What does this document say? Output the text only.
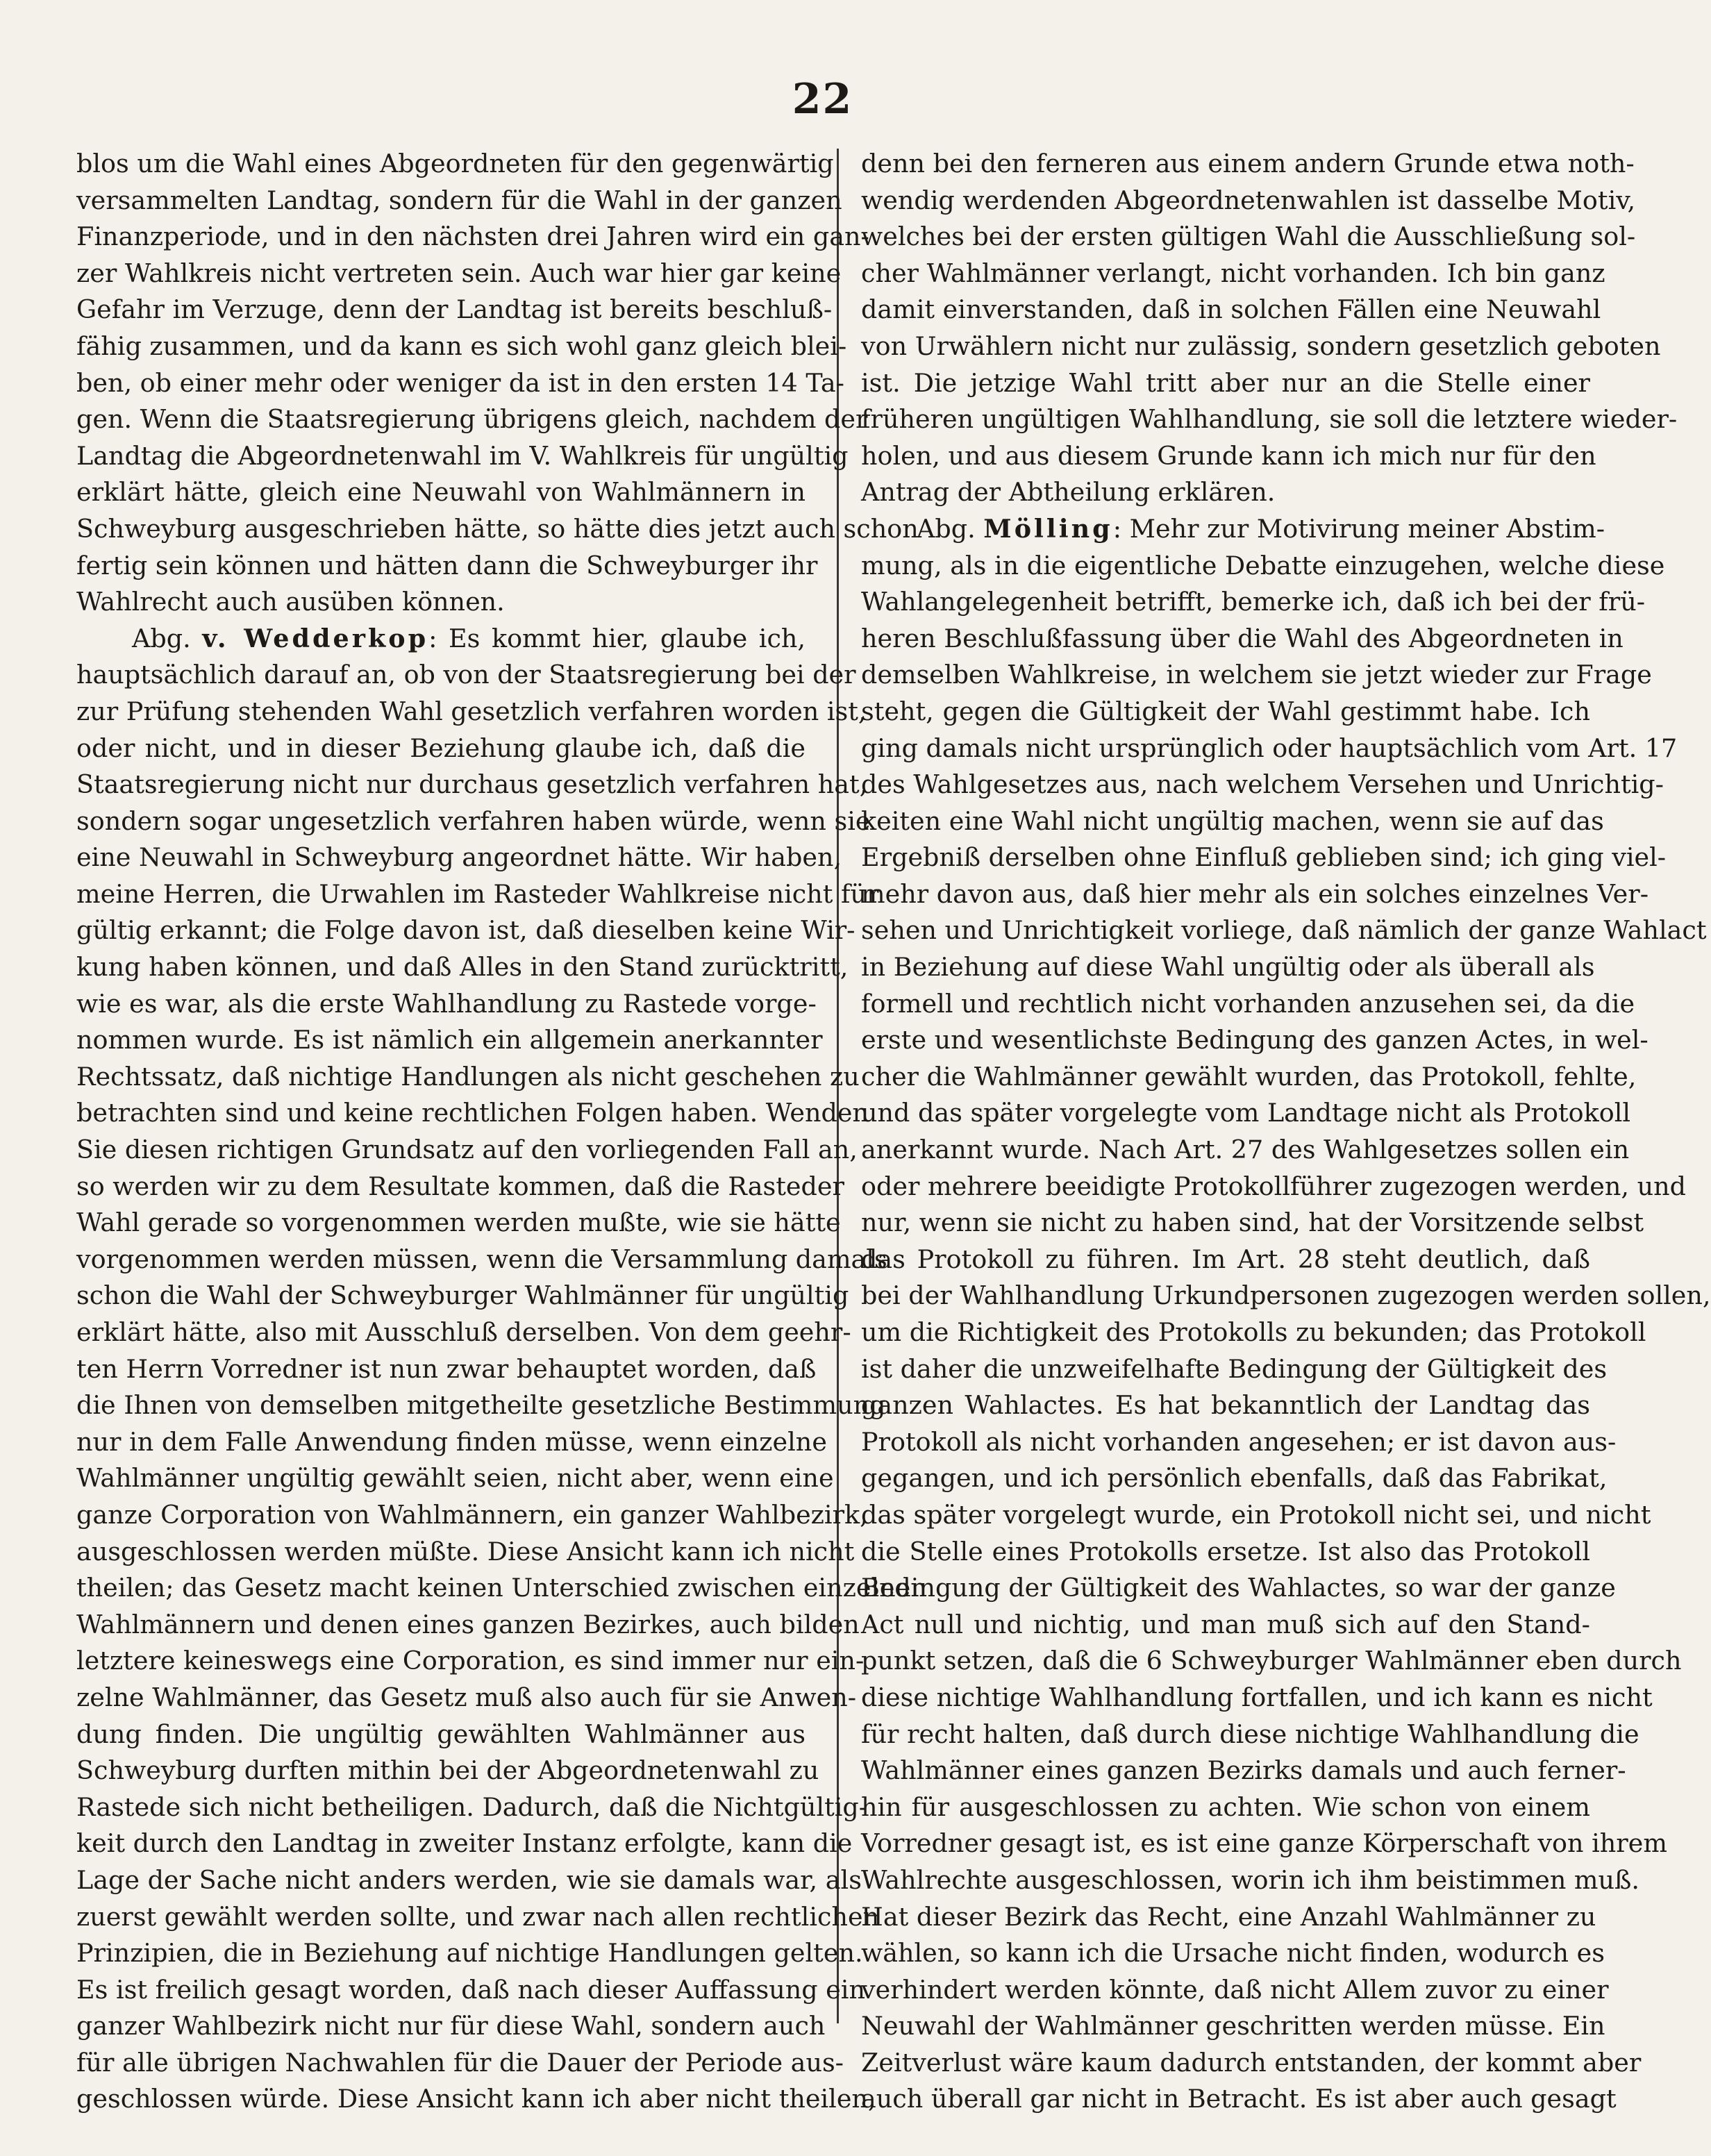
22
blos um die Wahl eines Abgeordneten für den gegenwärtig
versammelten Landtag, sondern für die Wahl in der ganzen
Finanzperiode, und in den nächsten drei Jahren wird ein gan-
zer Wahlkreis nicht vertreten sein. Auch war hier gar keine
Gefahr im Verzuge, denn der Landtag ist bereits beschluß-
fähig zusammen, und da kann es sich wohl ganz gleich blei-
ben, ob einer mehr oder weniger da ist in den ersten 14 Ta-
gen. Wenn die Staatsregierung übrigens gleich, nachdem der
Landtag die Abgeordnetenwahl im V. Wahlkreis für ungültig
erklärt hätte, gleich eine Neuwahl von Wahlmännern in
Schweyburg ausgeschrieben hätte, so hätte dies jetzt auch schon
fertig sein können und hätten dann die Schweyburger ihr
Wahlrecht auch ausüben können.
Abg. v. Wedderkop: Es kommt hier, glaube ich,
hauptsächlich darauf an, ob von der Staatsregierung bei der
zur Prüfung stehenden Wahl gesetzlich verfahren worden ist,
oder nicht, und in dieser Beziehung glaube ich, daß die
Staatsregierung nicht nur durchaus gesetzlich verfahren hat,
sondern sogar ungesetzlich verfahren haben würde, wenn sie
eine Neuwahl in Schweyburg angeordnet hätte. Wir haben,
meine Herren, die Urwahlen im Rasteder Wahlkreise nicht für
gültig erkannt; die Folge davon ist, daß dieselben keine Wir-
kung haben können, und daß Alles in den Stand zurücktritt,
wie es war, als die erste Wahlhandlung zu Rastede vorge-
nommen wurde. Es ist nämlich ein allgemein anerkannter
Rechtssatz, daß nichtige Handlungen als nicht geschehen zu
betrachten sind und keine rechtlichen Folgen haben. Wenden
Sie diesen richtigen Grundsatz auf den vorliegenden Fall an,
so werden wir zu dem Resultate kommen, daß die Rasteder
Wahl gerade so vorgenommen werden mußte, wie sie hätte
vorgenommen werden müssen, wenn die Versammlung damals
schon die Wahl der Schweyburger Wahlmänner für ungültig
erklärt hätte, also mit Ausschluß derselben. Von dem geehr-
ten Herrn Vorredner ist nun zwar behauptet worden, daß
die Ihnen von demselben mitgetheilte gesetzliche Bestimmung
nur in dem Falle Anwendung finden müsse, wenn einzelne
Wahlmänner ungültig gewählt seien, nicht aber, wenn eine
ganze Corporation von Wahlmännern, ein ganzer Wahlbezirk,
ausgeschlossen werden müßte. Diese Ansicht kann ich nicht
theilen; das Gesetz macht keinen Unterschied zwischen einzelnen
Wahlmännern und denen eines ganzen Bezirkes, auch bilden
letztere keineswegs eine Corporation, es sind immer nur ein-
zelne Wahlmänner, das Gesetz muß also auch für sie Anwen-
dung finden. Die ungültig gewählten Wahlmänner aus
Schweyburg durften mithin bei der Abgeordnetenwahl zu
Rastede sich nicht betheiligen. Dadurch, daß die Nichtgültig-
keit durch den Landtag in zweiter Instanz erfolgte, kann die
Lage der Sache nicht anders werden, wie sie damals war, als
zuerst gewählt werden sollte, und zwar nach allen rechtlichen
Prinzipien, die in Beziehung auf nichtige Handlungen gelten.
Es ist freilich gesagt worden, daß nach dieser Auffassung ein
ganzer Wahlbezirk nicht nur für diese Wahl, sondern auch
für alle übrigen Nachwahlen für die Dauer der Periode aus-
geschlossen würde. Diese Ansicht kann ich aber nicht theilen,
denn bei den ferneren aus einem andern Grunde etwa noth-
wendig werdenden Abgeordnetenwahlen ist dasselbe Motiv,
welches bei der ersten gültigen Wahl die Ausschließung sol-
cher Wahlmänner verlangt, nicht vorhanden. Ich bin ganz
damit einverstanden, daß in solchen Fällen eine Neuwahl
von Urwählern nicht nur zulässig, sondern gesetzlich geboten
ist. Die jetzige Wahl tritt aber nur an die Stelle einer
früheren ungültigen Wahlhandlung, sie soll die letztere wieder-
holen, und aus diesem Grunde kann ich mich nur für den
Antrag der Abtheilung erklären.
Abg. Mölling: Mehr zur Motivirung meiner Abstim-
mung, als in die eigentliche Debatte einzugehen, welche diese
Wahlangelegenheit betrifft, bemerke ich, daß ich bei der frü-
heren Beschlußfassung über die Wahl des Abgeordneten in
demselben Wahlkreise, in welchem sie jetzt wieder zur Frage
steht, gegen die Gültigkeit der Wahl gestimmt habe. Ich
ging damals nicht ursprünglich oder hauptsächlich vom Art. 17
des Wahlgesetzes aus, nach welchem Versehen und Unrichtig-
keiten eine Wahl nicht ungültig machen, wenn sie auf das
Ergebniß derselben ohne Einfluß geblieben sind; ich ging viel-
mehr davon aus, daß hier mehr als ein solches einzelnes Ver-
sehen und Unrichtigkeit vorliege, daß nämlich der ganze Wahlact
in Beziehung auf diese Wahl ungültig oder als überall als
formell und rechtlich nicht vorhanden anzusehen sei, da die
erste und wesentlichste Bedingung des ganzen Actes, in wel-
cher die Wahlmänner gewählt wurden, das Protokoll, fehlte,
und das später vorgelegte vom Landtage nicht als Protokoll
anerkannt wurde. Nach Art. 27 des Wahlgesetzes sollen ein
oder mehrere beeidigte Protokollführer zugezogen werden, und
nur, wenn sie nicht zu haben sind, hat der Vorsitzende selbst
das Protokoll zu führen. Im Art. 28 steht deutlich, daß
bei der Wahlhandlung Urkundpersonen zugezogen werden sollen,
um die Richtigkeit des Protokolls zu bekunden; das Protokoll
ist daher die unzweifelhafte Bedingung der Gültigkeit des
ganzen Wahlactes. Es hat bekanntlich der Landtag das
Protokoll als nicht vorhanden angesehen; er ist davon aus-
gegangen, und ich persönlich ebenfalls, daß das Fabrikat,
das später vorgelegt wurde, ein Protokoll nicht sei, und nicht
die Stelle eines Protokolls ersetze. Ist also das Protokoll
Bedingung der Gültigkeit des Wahlactes, so war der ganze
Act null und nichtig, und man muß sich auf den Stand-
punkt setzen, daß die 6 Schweyburger Wahlmänner eben durch
diese nichtige Wahlhandlung fortfallen, und ich kann es nicht
für recht halten, daß durch diese nichtige Wahlhandlung die
Wahlmänner eines ganzen Bezirks damals und auch ferner-
hin für ausgeschlossen zu achten. Wie schon von einem
Vorredner gesagt ist, es ist eine ganze Körperschaft von ihrem
Wahlrechte ausgeschlossen, worin ich ihm beistimmen muß.
Hat dieser Bezirk das Recht, eine Anzahl Wahlmänner zu
wählen, so kann ich die Ursache nicht finden, wodurch es
verhindert werden könnte, daß nicht Allem zuvor zu einer
Neuwahl der Wahlmänner geschritten werden müsse. Ein
Zeitverlust wäre kaum dadurch entstanden, der kommt aber
auch überall gar nicht in Betracht. Es ist aber auch gesagt
